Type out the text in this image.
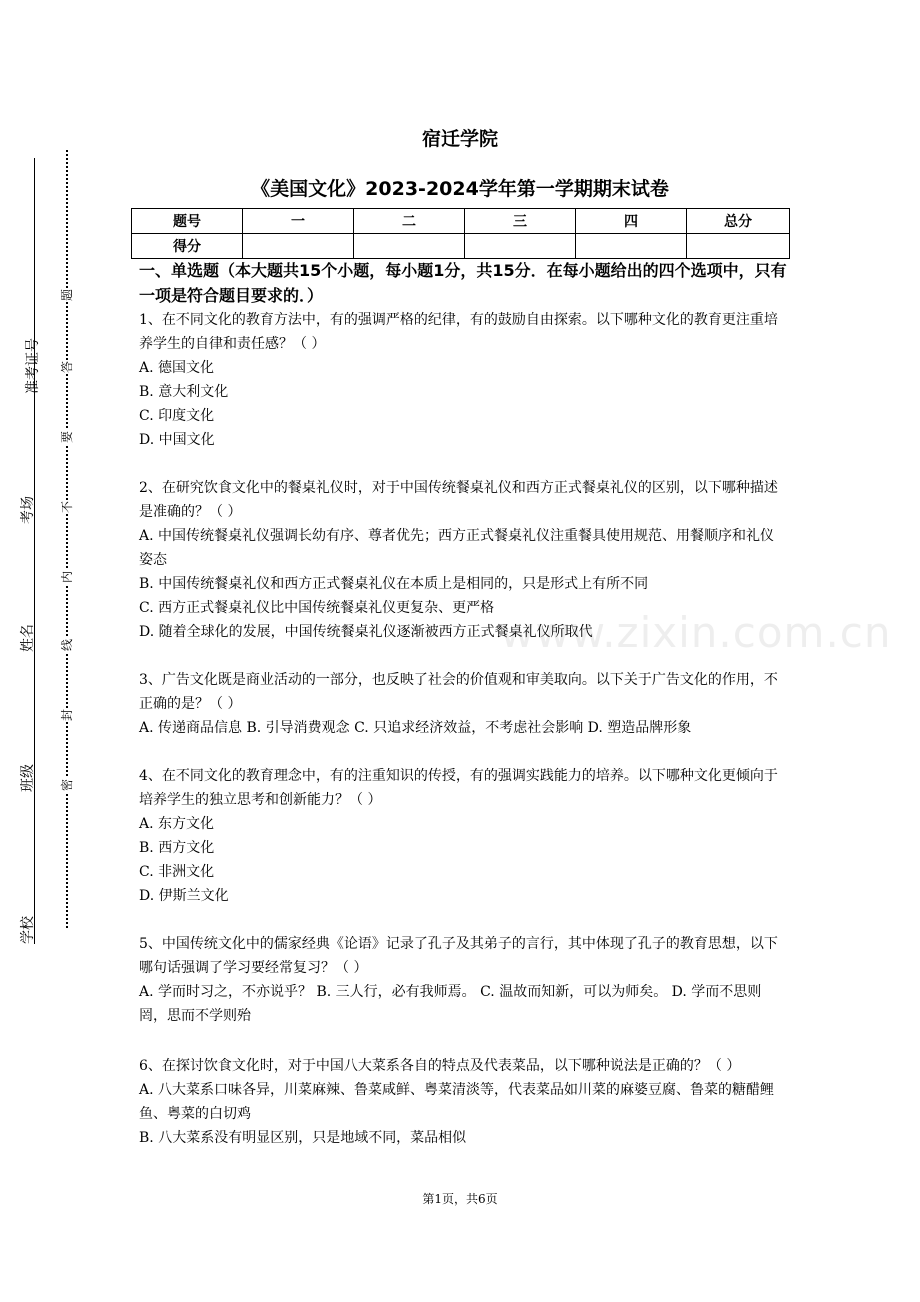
准考证号
考场
姓名
班级
学校
题
答
要
不
内
线
封
密
宿迁学院
《美国文化》2023-2024学年第一学期期末试卷
题号	一	二	三	四	总分
得分					
一、单选题（本大题共15个小题，每小题1分，共15分．在每小题给出的四个选项中，只有一项是符合题目要求的．）

1、在不同文化的教育方法中，有的强调严格的纪律，有的鼓励自由探索。以下哪种文化的教育更注重培养学生的自律和责任感？（ ）

A. 德国文化

B. 意大利文化

C. 印度文化

D. 中国文化

2、在研究饮食文化中的餐桌礼仪时，对于中国传统餐桌礼仪和西方正式餐桌礼仪的区别，以下哪种描述是准确的？（ ）

A. 中国传统餐桌礼仪强调长幼有序、尊者优先；西方正式餐桌礼仪注重餐具使用规范、用餐顺序和礼仪姿态

B. 中国传统餐桌礼仪和西方正式餐桌礼仪在本质上是相同的，只是形式上有所不同

C. 西方正式餐桌礼仪比中国传统餐桌礼仪更复杂、更严格

D. 随着全球化的发展，中国传统餐桌礼仪逐渐被西方正式餐桌礼仪所取代

3、广告文化既是商业活动的一部分，也反映了社会的价值观和审美取向。以下关于广告文化的作用，不正确的是？（ ）

A. 传递商品信息 B. 引导消费观念 C. 只追求经济效益，不考虑社会影响 D. 塑造品牌形象

4、在不同文化的教育理念中，有的注重知识的传授，有的强调实践能力的培养。以下哪种文化更倾向于培养学生的独立思考和创新能力？（ ）

A. 东方文化

B. 西方文化

C. 非洲文化

D. 伊斯兰文化

5、中国传统文化中的儒家经典《论语》记录了孔子及其弟子的言行，其中体现了孔子的教育思想，以下哪句话强调了学习要经常复习？（ ）

A. 学而时习之，不亦说乎？ B. 三人行，必有我师焉。 C. 温故而知新，可以为师矣。 D. 学而不思则罔，思而不学则殆

6、在探讨饮食文化时，对于中国八大菜系各自的特点及代表菜品，以下哪种说法是正确的？（ ）

A. 八大菜系口味各异，川菜麻辣、鲁菜咸鲜、粤菜清淡等，代表菜品如川菜的麻婆豆腐、鲁菜的糖醋鲤鱼、粤菜的白切鸡

B. 八大菜系没有明显区别，只是地域不同，菜品相似

www.zixin.com.cn
第1页，共6页
